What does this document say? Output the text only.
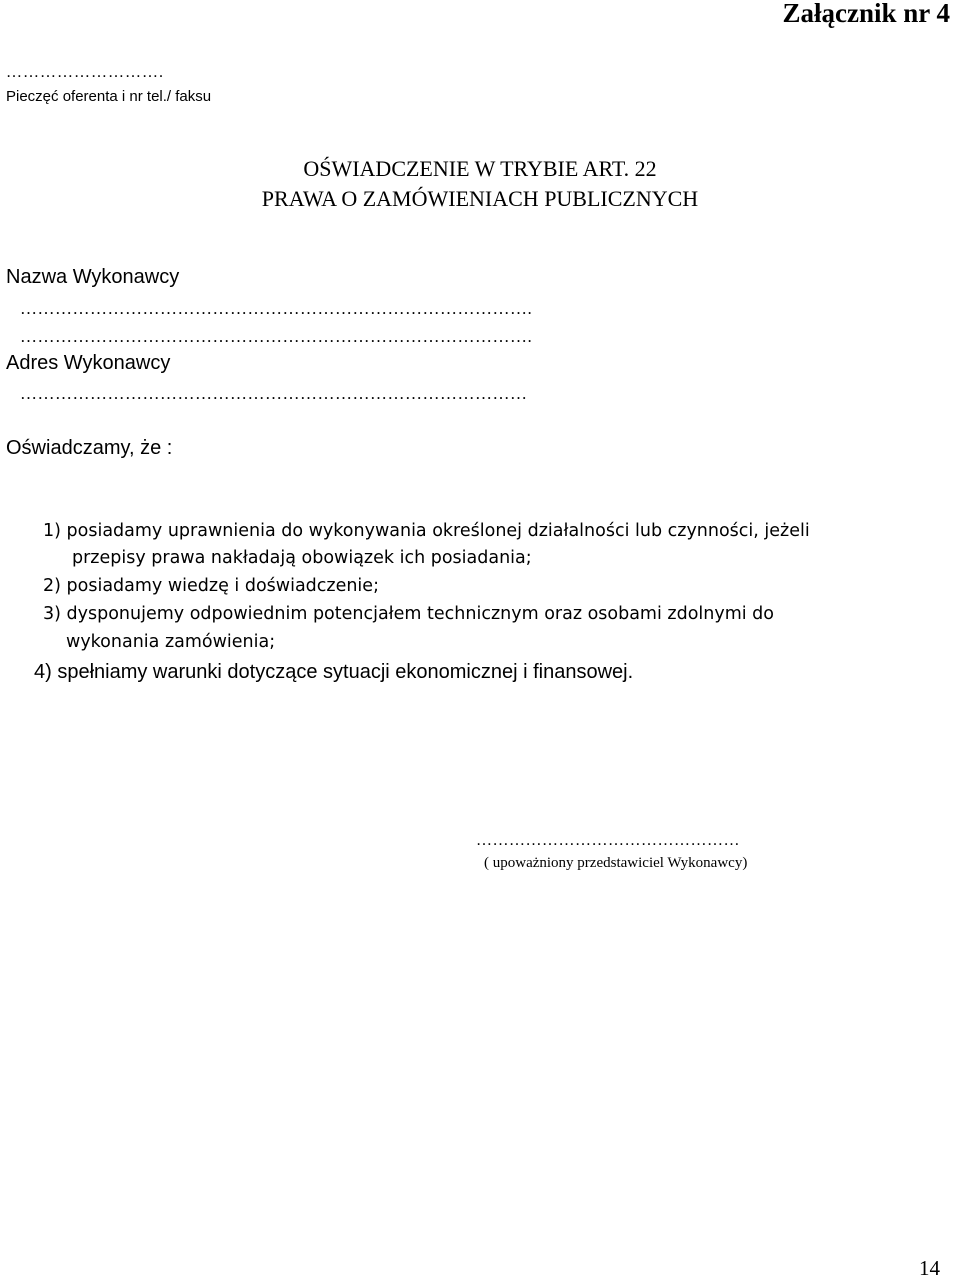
Załącznik nr 4
……………………….
Pieczęć oferenta i nr tel./ faksu
OŚWIADCZENIE W TRYBIE ART. 22
PRAWA O ZAMÓWIENIACH PUBLICZNYCH
Nazwa Wykonawcy
…………………………………………………………………………….
…………………………………………………………………………….
Adres Wykonawcy
……………………………………………………………………………
Oświadczamy, że :
1) posiadamy uprawnienia do wykonywania określonej działalności lub czynności, jeżeli
przepisy prawa nakładają obowiązek ich posiadania;
2) posiadamy wiedzę i doświadczenie;
3) dysponujemy odpowiednim potencjałem technicznym oraz osobami zdolnymi do
wykonania zamówienia;
4) spełniamy warunki dotyczące sytuacji ekonomicznej i finansowej.
…………………………………………
( upoważniony przedstawiciel Wykonawcy)
14
